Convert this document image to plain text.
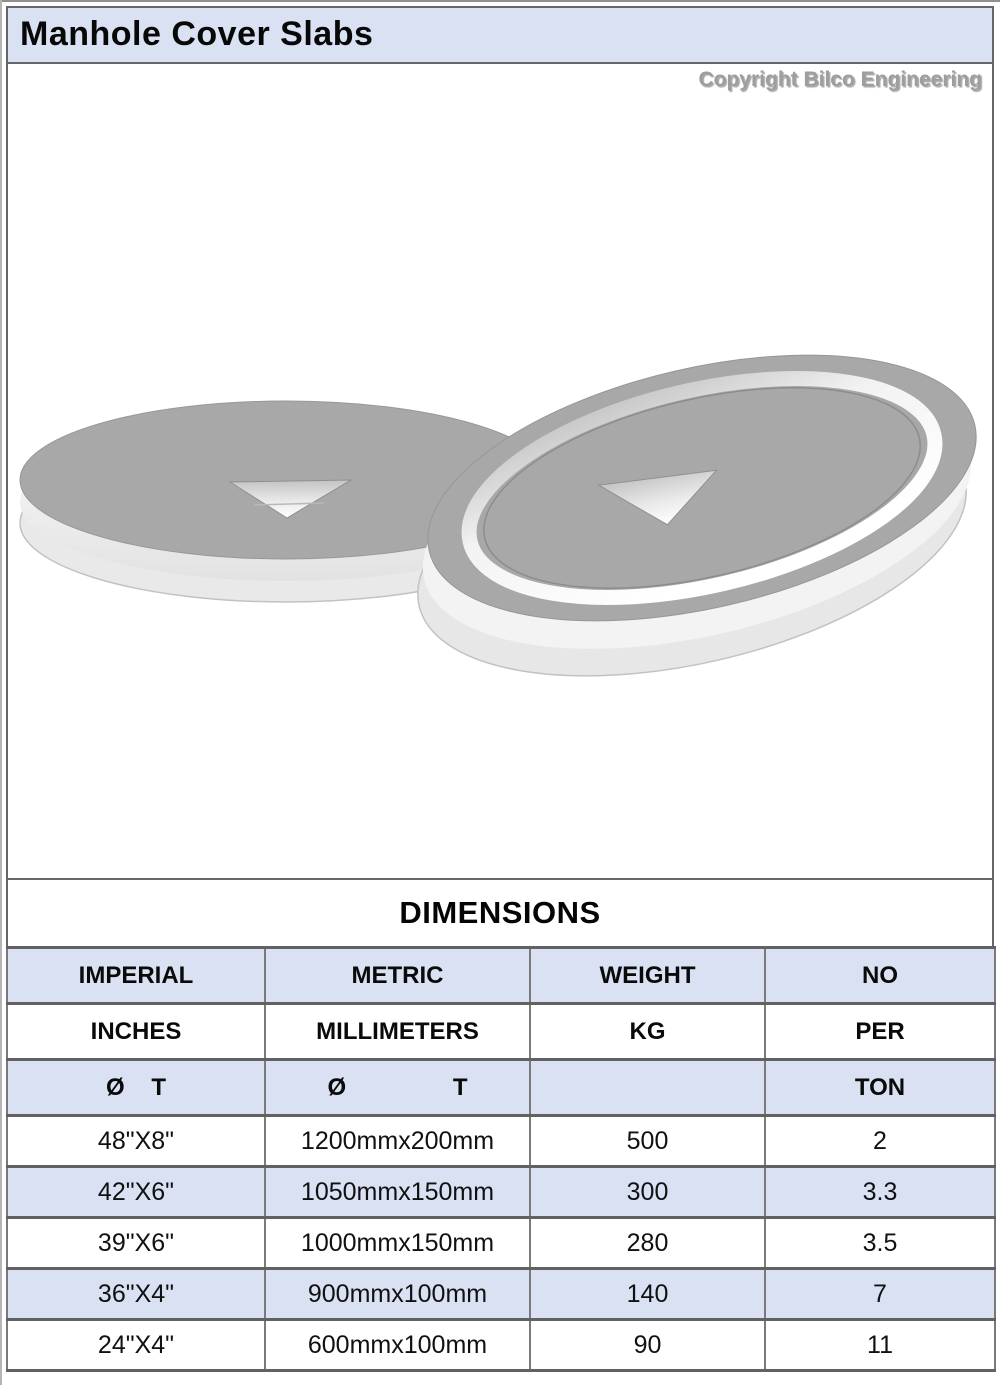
Manhole Cover Slabs
Copyright Bilco Engineering
DIMENSIONS
IMPERIAL	METRIC	WEIGHT	NO
INCHES	MILLIMETERS	KG	PER
Ø    T	Ø                T		TON
48"X8"	1200mmx200mm	500	2
42"X6"	1050mmx150mm	300	3.3
39"X6"	1000mmx150mm	280	3.5
36"X4"	900mmx100mm	140	7
24"X4"	600mmx100mm	90	11
